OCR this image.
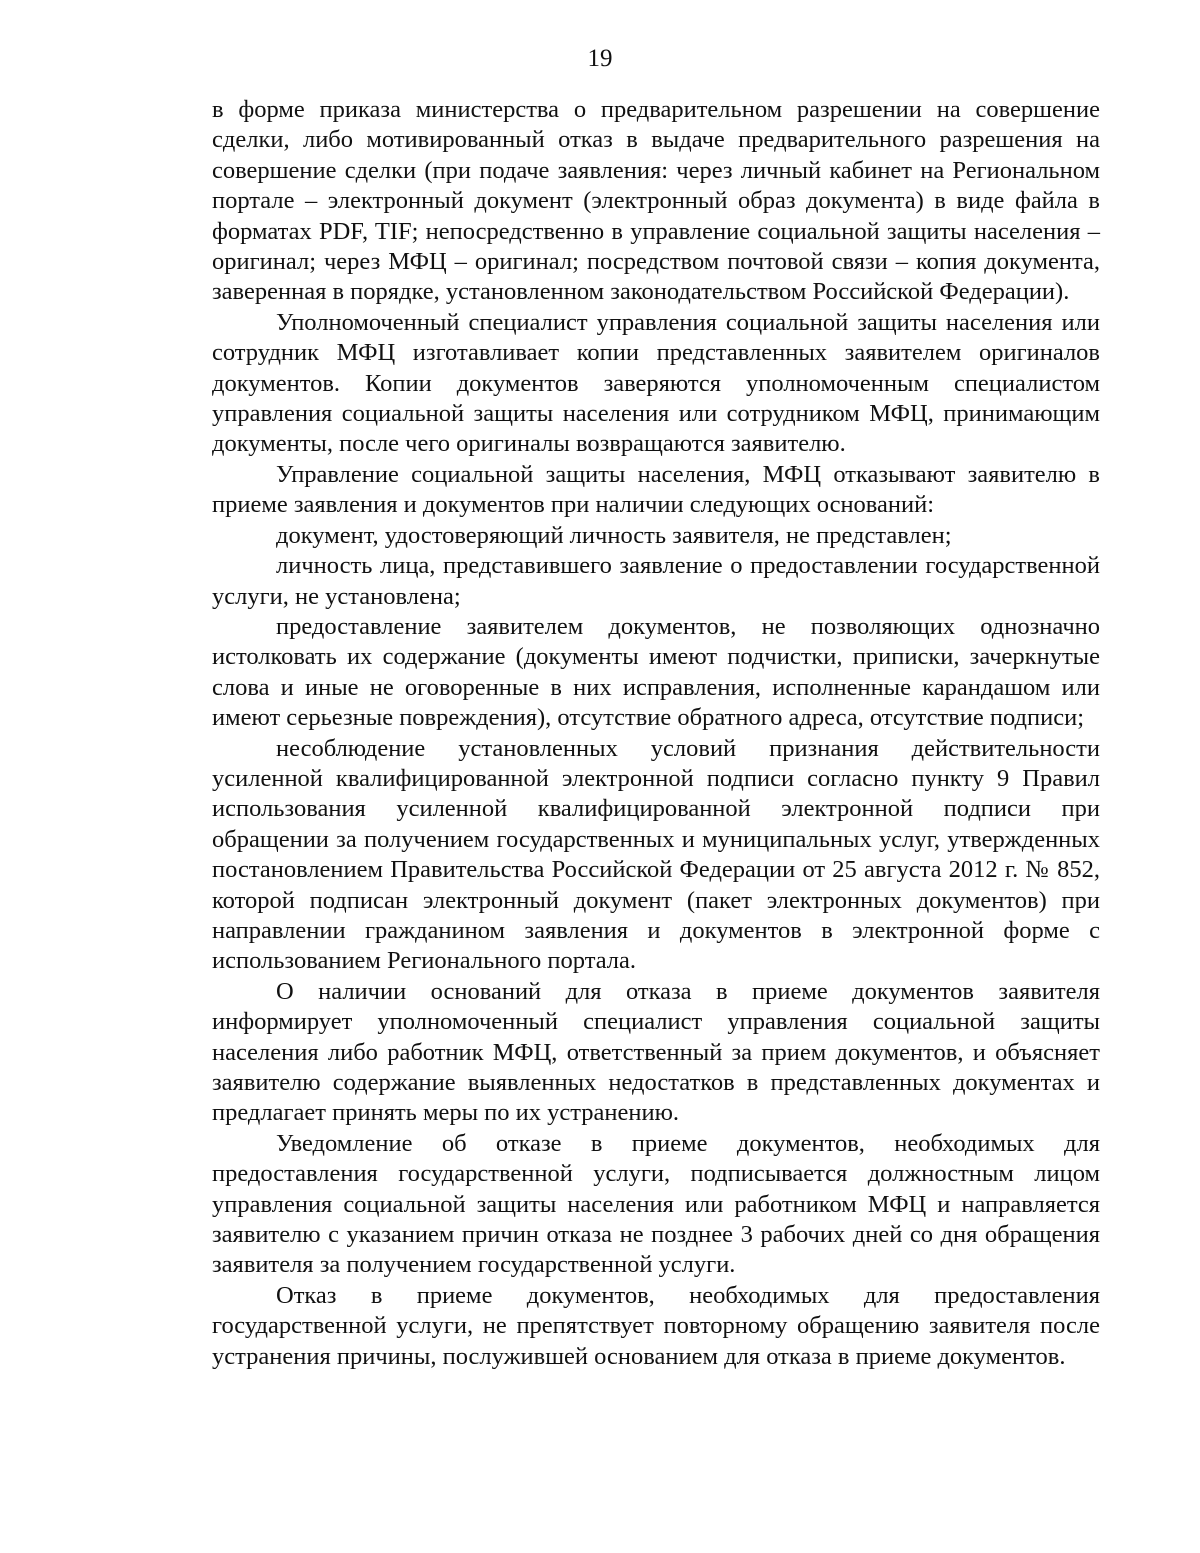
19

в форме приказа министерства о предварительном разрешении на совершение сделки, либо мотивированный отказ в выдаче предварительного разрешения на совершение сделки (при подаче заявления: через личный кабинет на Региональном портале – электронный документ (электронный образ документа) в виде файла в форматах PDF, TIF; непосредственно в управление социальной защиты населения – оригинал; через МФЦ – оригинал; посредством почтовой связи – копия документа, заверенная в порядке, установленном законодательством Российской Федерации).

Уполномоченный специалист управления социальной защиты населения или сотрудник МФЦ изготавливает копии представленных заявителем оригиналов документов. Копии документов заверяются уполномоченным специалистом управления социальной защиты населения или сотрудником МФЦ, принимающим документы, после чего оригиналы возвращаются заявителю.

Управление социальной защиты населения, МФЦ отказывают заявителю в приеме заявления и документов при наличии следующих оснований:

документ, удостоверяющий личность заявителя, не представлен;

личность лица, представившего заявление о предоставлении государственной услуги, не установлена;

предоставление заявителем документов, не позволяющих однозначно истолковать их содержание (документы имеют подчистки, приписки, зачеркнутые слова и иные не оговоренные в них исправления, исполненные карандашом или имеют серьезные повреждения), отсутствие обратного адреса, отсутствие подписи;

несоблюдение установленных условий признания действительности усиленной квалифицированной электронной подписи согласно пункту 9 Правил использования усиленной квалифицированной электронной подписи при обращении за получением государственных и муниципальных услуг, утвержденных постановлением Правительства Российской Федерации от 25 августа 2012 г. № 852, которой подписан электронный документ (пакет электронных документов) при направлении гражданином заявления и документов в электронной форме с использованием Регионального портала.

О наличии оснований для отказа в приеме документов заявителя информирует уполномоченный специалист управления социальной защиты населения либо работник МФЦ, ответственный за прием документов, и объясняет заявителю содержание выявленных недостатков в представленных документах и предлагает принять меры по их устранению.

Уведомление об отказе в приеме документов, необходимых для предоставления государственной услуги, подписывается должностным лицом управления социальной защиты населения или работником МФЦ и направляется заявителю с указанием причин отказа не позднее 3 рабочих дней со дня обращения заявителя за получением государственной услуги.

Отказ в приеме документов, необходимых для предоставления государственной услуги, не препятствует повторному обращению заявителя после устранения причины, послужившей основанием для отказа в приеме документов.
